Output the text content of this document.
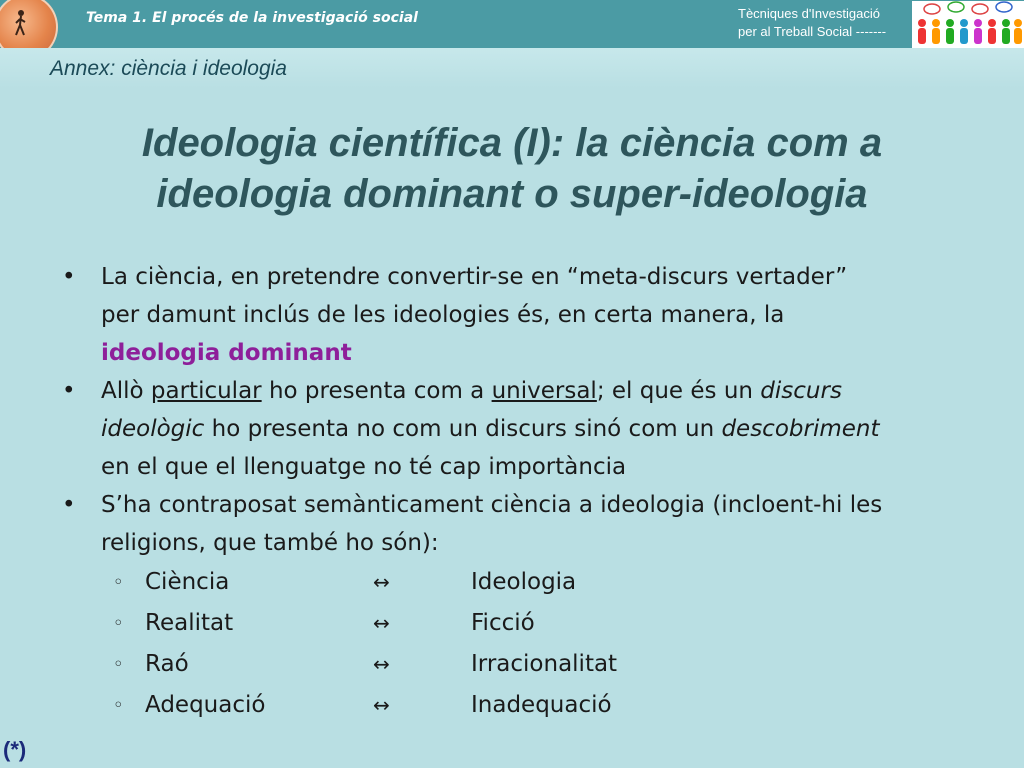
Tema 1. El procés de la investigació social	Tècniques d'Investigació
per al Treball Social -------
Annex: ciència i ideologia
Ideologia científica (I): la ciència com a
ideologia dominant o super-ideologia
• La ciència, en pretendre convertir-se en “meta-discurs vertader”
per damunt inclús de les ideologies és, en certa manera, la
ideologia dominant
• Allò particular ho presenta com a universal; el que és un discurs
ideològic ho presenta no com un discurs sinó com un descobriment
en el que el llenguatge no té cap importància
• S’ha contraposat semànticament ciència a ideologia (incloent-hi les
religions, que també ho són):
◦ Ciència	↔	Ideologia
◦ Realitat	↔	Ficció
◦ Raó	↔	Irracionalitat
◦ Adequació	↔	Inadequació
(*)
